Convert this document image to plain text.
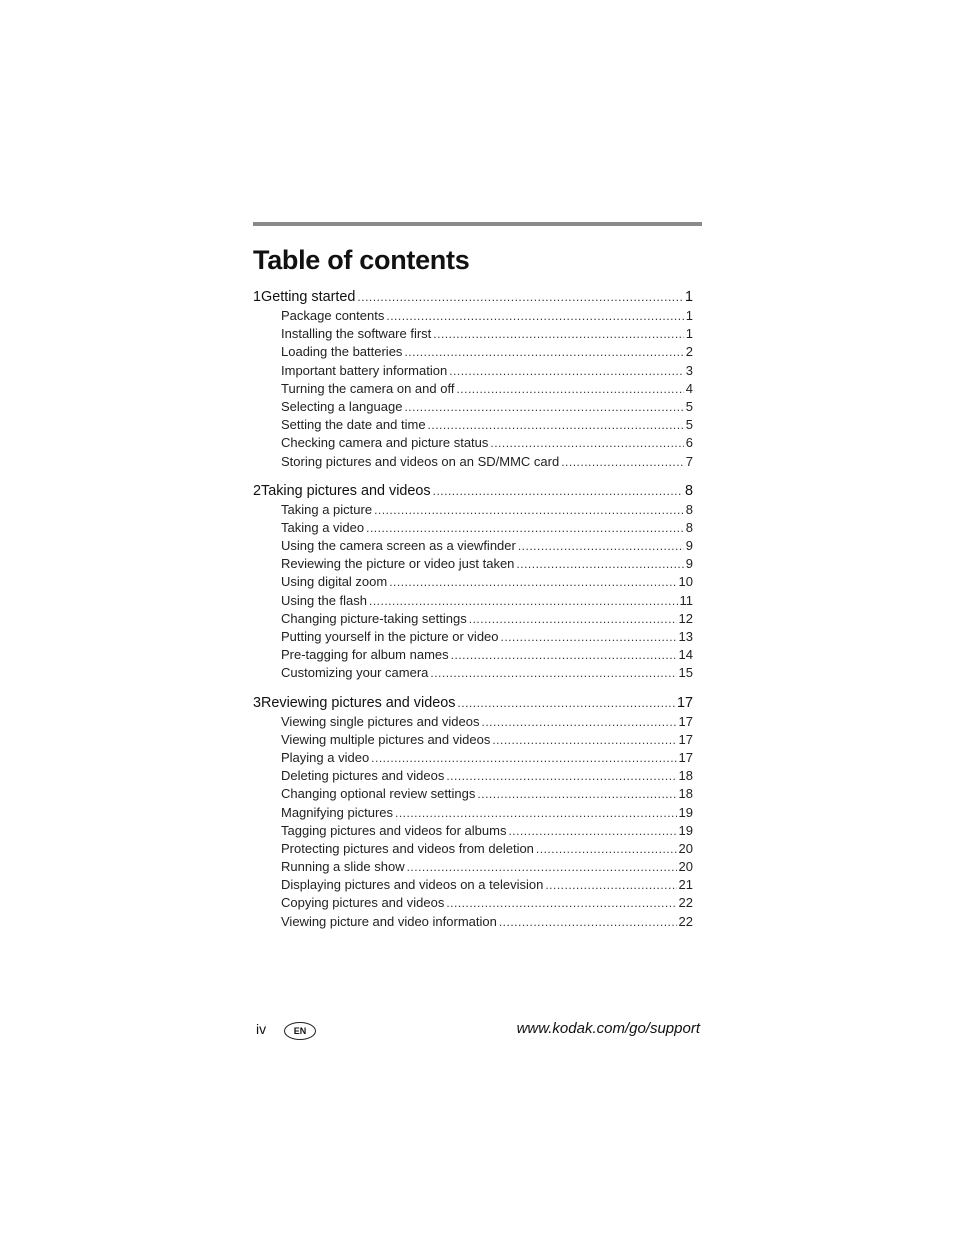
Table of contents
1 Getting started .....	1
Package contents .....	1
Installing the software first .....	1
Loading the batteries .....	2
Important battery information .....	3
Turning the camera on and off .....	4
Selecting a language .....	5
Setting the date and time .....	5
Checking camera and picture status .....	6
Storing pictures and videos on an SD/MMC card .....	7
2 Taking pictures and videos .....	8
Taking a picture .....	8
Taking a video .....	8
Using the camera screen as a viewfinder .....	9
Reviewing the picture or video just taken .....	9
Using digital zoom .....	10
Using the flash .....	11
Changing picture-taking settings .....	12
Putting yourself in the picture or video .....	13
Pre-tagging for album names .....	14
Customizing your camera .....	15
3 Reviewing pictures and videos .....	17
Viewing single pictures and videos .....	17
Viewing multiple pictures and videos .....	17
Playing a video .....	17
Deleting pictures and videos .....	18
Changing optional review settings .....	18
Magnifying pictures .....	19
Tagging pictures and videos for albums .....	19
Protecting pictures and videos from deletion .....	20
Running a slide show .....	20
Displaying pictures and videos on a television .....	21
Copying pictures and videos .....	22
Viewing picture and video information .....	22
iv	EN	www.kodak.com/go/support
